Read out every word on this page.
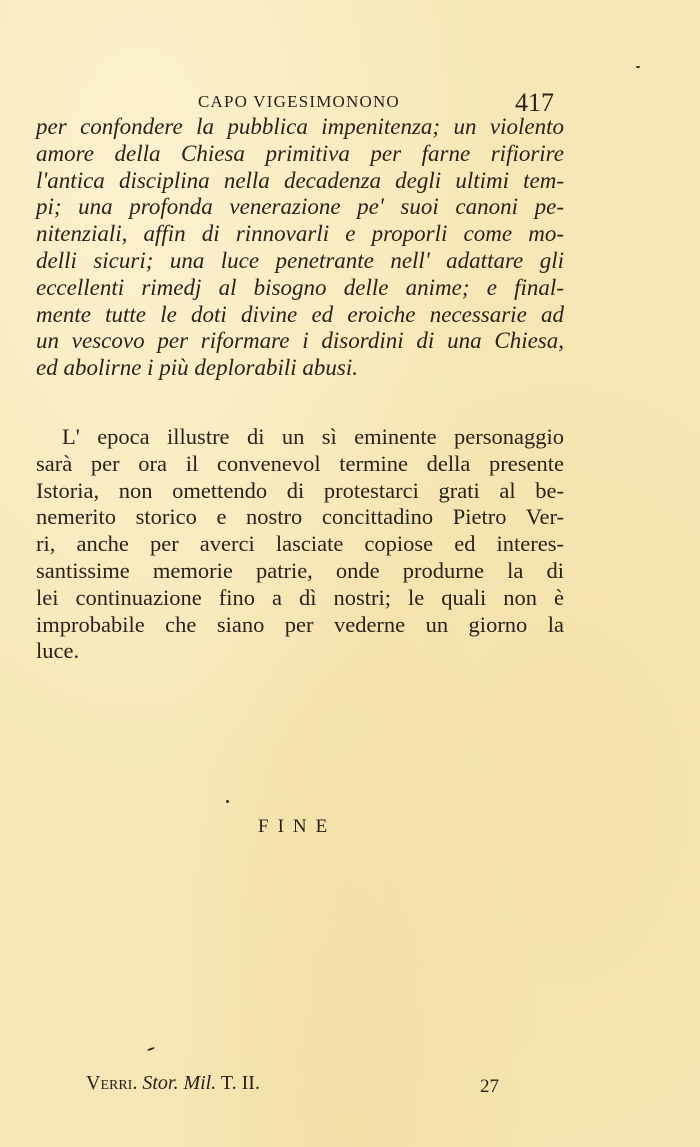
CAPO VIGESIMONONO	417
per confondere la pubblica impenitenza; un violento
amore della Chiesa primitiva per farne rifiorire
l'antica disciplina nella decadenza degli ultimi tem-
pi; una profonda venerazione pe' suoi canoni pe-
nitenziali, affin di rinnovarli e proporli come mo-
delli sicuri; una luce penetrante nell' adattare gli
eccellenti rimedj al bisogno delle anime; e final-
mente tutte le doti divine ed eroiche necessarie ad
un vescovo per riformare i disordini di una Chiesa,
ed abolirne i più deplorabili abusi.
L' epoca illustre di un sì eminente personaggio
sarà per ora il convenevol termine della presente
Istoria, non omettendo di protestarci grati al be-
nemerito storico e nostro concittadino Pietro Ver-
ri, anche per averci lasciate copiose ed interes-
santissime memorie patrie, onde produrne la di
lei continuazione fino a dì nostri; le quali non è
improbabile che siano per vederne un giorno la
luce.
FINE
Verri. Stor. Mil. T. II.	27
